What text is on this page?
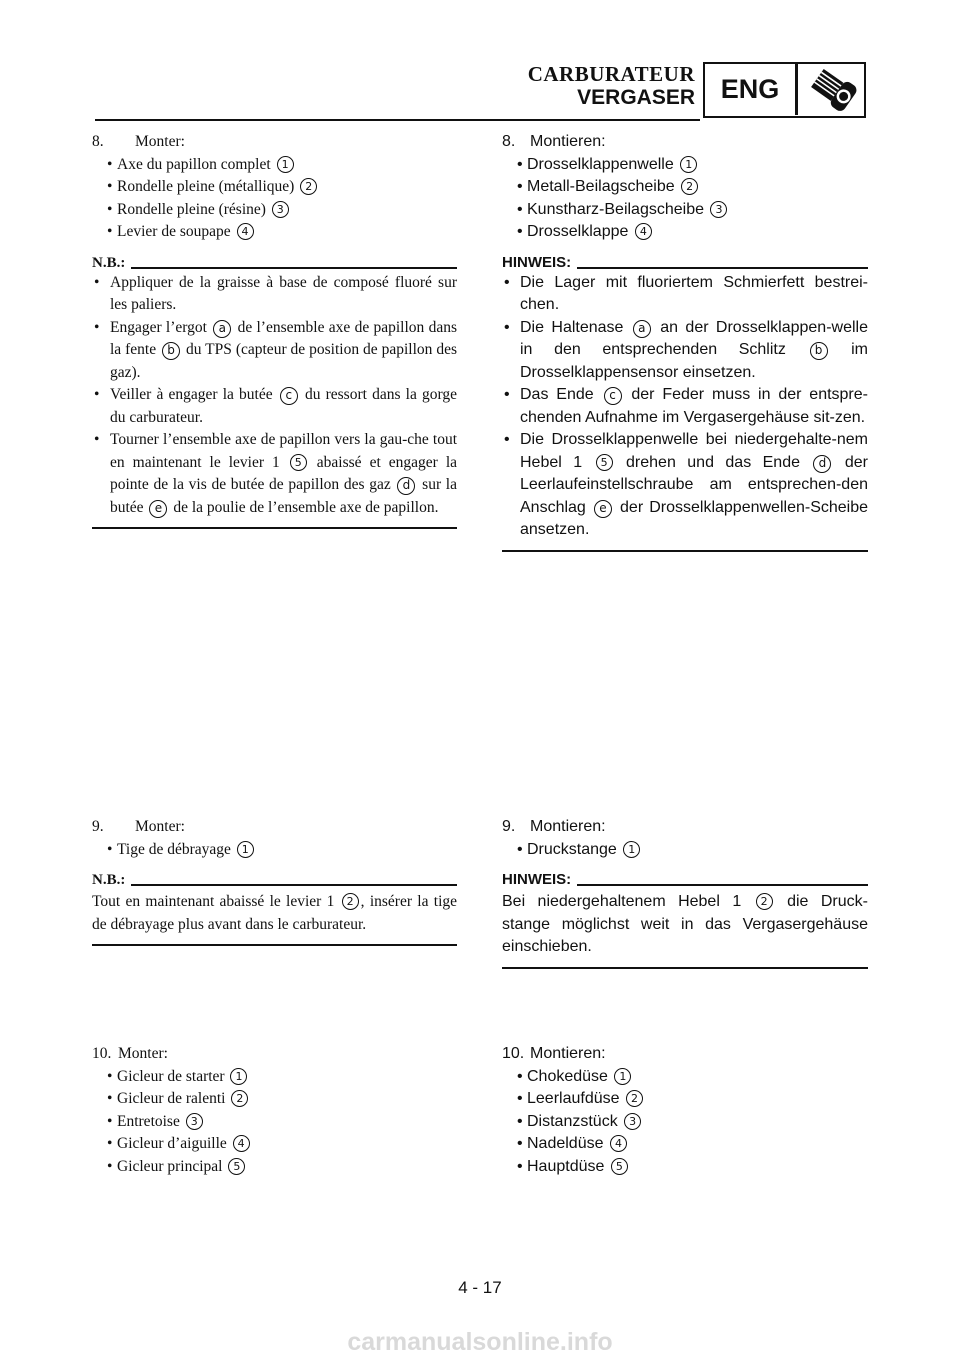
CARBURATEUR
VERGASER ENG

8. Monter:

• Axe du papillon complet 1
• Rondelle pleine (métallique) 2
• Rondelle pleine (résine) 3
• Levier de soupape 4
N.B.:
• Appliquer de la graisse à base de composé fluoré sur les paliers.
• Engager l’ergot a de l’ensemble axe de papillon dans la fente b du TPS (capteur de position de papillon des gaz).
• Veiller à engager la butée c du ressort dans la gorge du carburateur.
• Tourner l’ensemble axe de papillon vers la gau-che tout en maintenant le levier 1 5 abaissé et engager la pointe de la vis de butée de papillon des gaz d sur la butée e de la poulie de l’ensemble axe de papillon.

9. Monter:

• Tige de débrayage 1
N.B.:

Tout en maintenant abaissé le levier 1 2 , insérer la tige de débrayage plus avant dans le carburateur.

10. Monter:

• Gicleur de starter 1
• Gicleur de ralenti 2
• Entretoise 3
• Gicleur d’aiguille 4
• Gicleur principal 5

8. Montieren:

• Drosselklappenwelle 1
• Metall-Beilagscheibe 2
• Kunstharz-Beilagscheibe 3
• Drosselklappe 4
HINWEIS:
• Die Lager mit fluoriertem Schmierfett bestrei-chen.
• Die Haltenase a an der Drosselklappen-welle in den entsprechenden Schlitz b im Drosselklappensensor einsetzen.
• Das Ende c der Feder muss in der entspre-chenden Aufnahme im Vergasergehäuse sit-zen.
• Die Drosselklappenwelle bei niedergehalte-nem Hebel 1 5 drehen und das Ende d der Leerlaufeinstellschraube am entsprechen-den Anschlag e der Drosselklappenwellen-Scheibe ansetzen.

9. Montieren:

• Druckstange 1
HINWEIS:

Bei niedergehaltenem Hebel 1 2 die Druck-stange möglichst weit in das Vergasergehäuse einschieben.

10. Montieren:

• Chokedüse 1
• Leerlaufdüse 2
• Distanzstück 3
• Nadeldüse 4
• Hauptdüse 5
4 - 17
carmanualsonline.info
